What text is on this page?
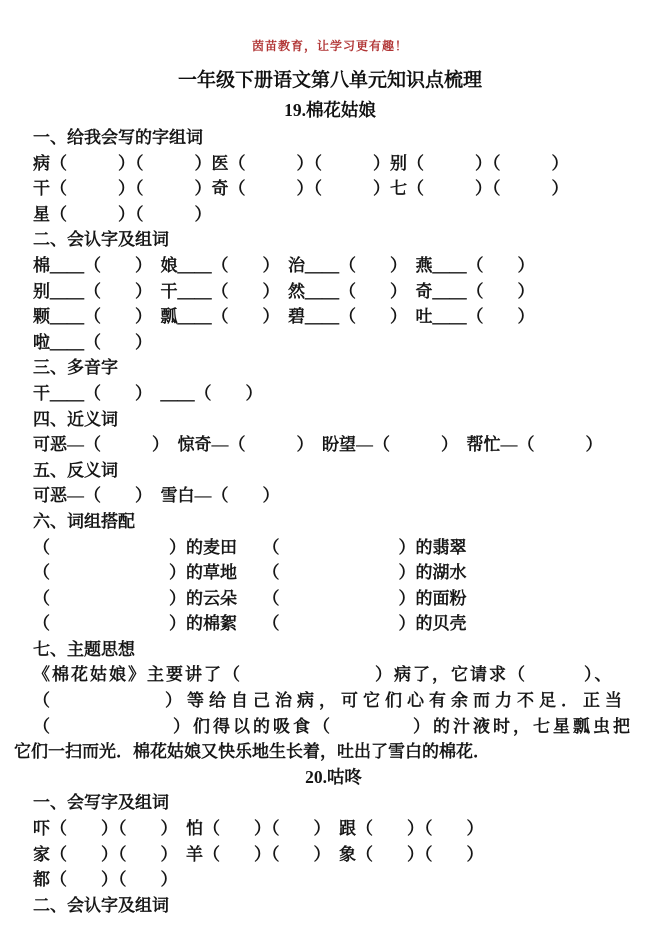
茵苗教育，让学习更有趣！
一年级下册语文第八单元知识点梳理
19.棉花姑娘
一、给我会写的字组词
病（　　　）（　　　）医（　　　）（　　　）别（　　　）（　　　）
干（　　　）（　　　）奇（　　　）（　　　）七（　　　）（　　　）
星（　　　）（　　　）
二、会认字及组词
棉＿＿（　　）　娘＿＿（　　）　治＿＿（　　）　燕＿＿（　　）
别＿＿（　　）　干＿＿（　　）　然＿＿（　　）　奇＿＿（　　）
颗＿＿（　　）　瓢＿＿（　　）　碧＿＿（　　）　吐＿＿（　　）
啦＿＿（　　）
三、多音字
干＿＿（　　）　＿＿（　　）
四、近义词
可恶—（　　　）　惊奇—（　　　）　盼望—（　　　）　帮忙—（　　　）
五、反义词
可恶—（　　）　雪白—（　　）
六、词组搭配
（　　　　　　　）的麦田　　（　　　　　　　）的翡翠
（　　　　　　　）的草地　　（　　　　　　　）的湖水
（　　　　　　　）的云朵　　（　　　　　　　）的面粉
（　　　　　　　）的棉絮　　（　　　　　　　）的贝壳
七、主题思想
《棉花姑娘》主要讲了（　　　　　　　）病了，它请求（　　　）、
（　　　　　）等给自己治病，可它们心有余而力不足．正当
（　　　　　　）们得以的吸食（　　　　）的汁液时，七星瓢虫把
它们一扫而光．棉花姑娘又快乐地生长着，吐出了雪白的棉花．
20.咕咚
一、会写字及组词
吓（　　）（　　）　怕（　　）（　　）　跟（　　）（　　）
家（　　）（　　）　羊（　　）（　　）　象（　　）（　　）
都（　　）（　　）
二、会认字及组词
